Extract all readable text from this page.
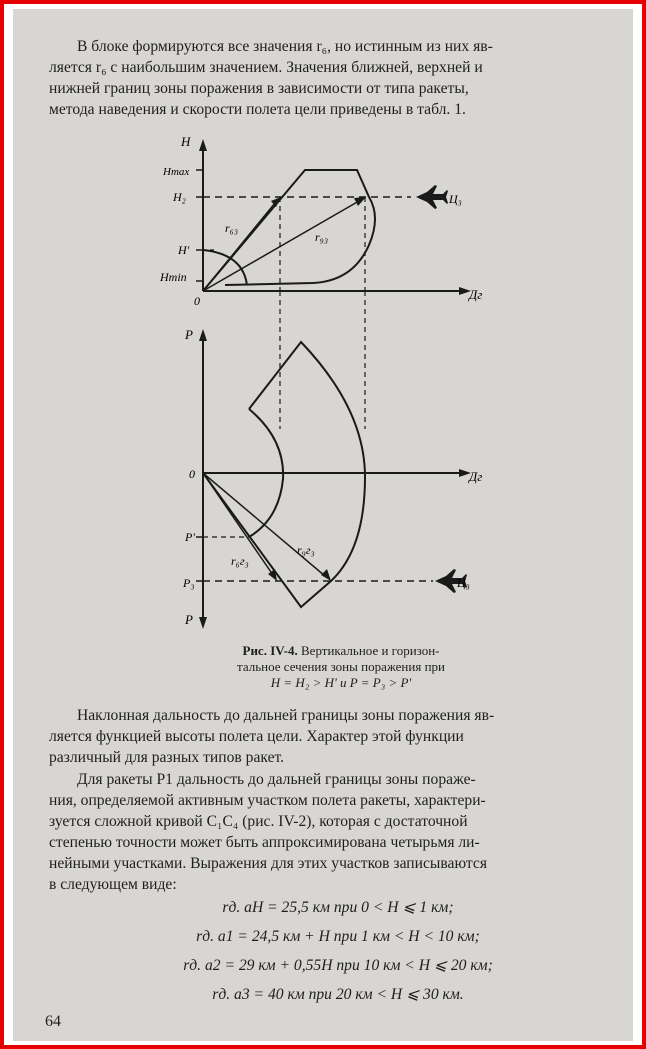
В блоке формируются все значения r₆, но истинным из них яв-
ляется r₆ с наибольшим значением. Значения ближней, верхней и
нижней границ зоны поражения в зависимости от типа ракеты,
метода наведения и скорости полета цели приведены в табл. 1.
H
Hmax
H₂
H'
Hmin
0	Дг
r₆₃
r₉₃
Ц₃
P
0	Дг
P'
P₃
P
r₆г₃
r₉г₃
Ц₃
Рис. IV-4. Вертикальное и горизон-
тальное сечения зоны поражения при
H = H₂ > H' и P = P₃ > P'
Наклонная дальность до дальней границы зоны поражения яв-
ляется функцией высоты полета цели. Характер этой функции
различный для разных типов ракет.
Для ракеты Р1 дальность до дальней границы зоны пораже-
ния, определяемой активным участком полета ракеты, характери-
зуется сложной кривой C₁C₄ (рис. IV-2), которая с достаточной
степенью точности может быть аппроксимирована четырьмя ли-
нейными участками. Выражения для этих участков записываются
в следующем виде:
rд. аН = 25,5 км при 0 < H ⩽ 1 км;
rд. а1 = 24,5 км + H при 1 км < H < 10 км;
rд. а2 = 29 км + 0,55H при 10 км < H ⩽ 20 км;
rд. а3 = 40 км при 20 км < H ⩽ 30 км.
64
